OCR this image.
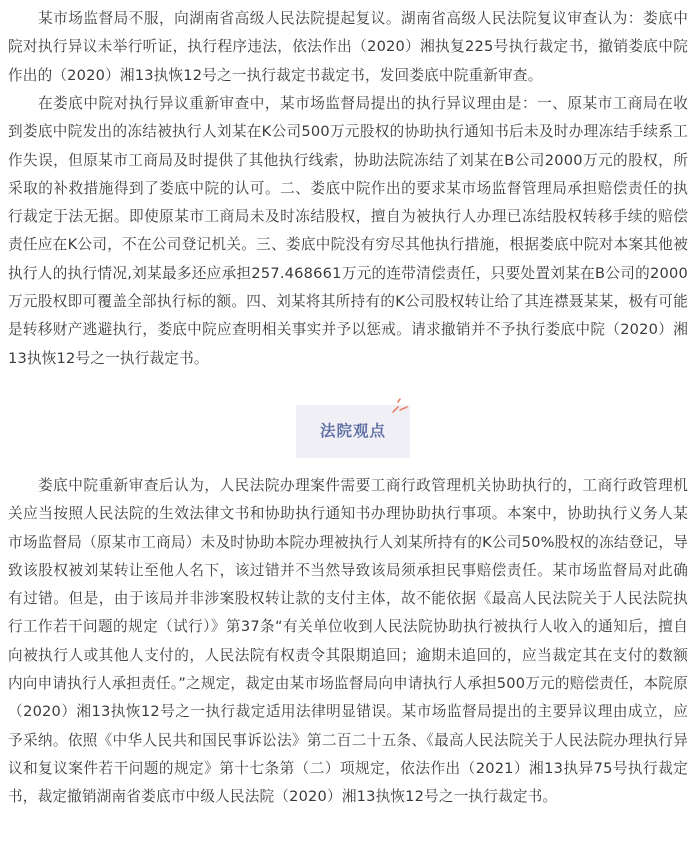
某市场监督局不服，向湖南省高级人民法院提起复议。湖南省高级人民法院复议审查认为：娄底中院对执行异议未举行听证，执行程序违法，依法作出（2020）湘执复225号执行裁定书，撤销娄底中院作出的（2020）湘13执恢12号之一执行裁定书裁定书，发回娄底中院重新审查。

在娄底中院对执行异议重新审查中，某市场监督局提出的执行异议理由是：一、原某市工商局在收到娄底中院发出的冻结被执行人刘某在K公司500万元股权的协助执行通知书后未及时办理冻结手续系工作失误，但原某市工商局及时提供了其他执行线索，协助法院冻结了刘某在B公司2000万元的股权，所采取的补救措施得到了娄底中院的认可。二、娄底中院作出的要求某市场监督管理局承担赔偿责任的执行裁定于法无据。即使原某市工商局未及时冻结股权，擅自为被执行人办理已冻结股权转移手续的赔偿责任应在K公司，不在公司登记机关。三、娄底中院没有穷尽其他执行措施，根据娄底中院对本案其他被执行人的执行情况,刘某最多还应承担257.468661万元的连带清偿责任，只要处置刘某在B公司的2000万元股权即可覆盖全部执行标的额。四、刘某将其所持有的K公司股权转让给了其连襟聂某某，极有可能是转移财产逃避执行，娄底中院应查明相关事实并予以惩戒。请求撤销并不予执行娄底中院（2020）湘13执恢12号之一执行裁定书。

法院观点

娄底中院重新审查后认为，人民法院办理案件需要工商行政管理机关协助执行的，工商行政管理机关应当按照人民法院的生效法律文书和协助执行通知书办理协助执行事项。本案中，协助执行义务人某市场监督局（原某市工商局）未及时协助本院办理被执行人刘某所持有的K公司50%股权的冻结登记，导致该股权被刘某转让至他人名下，该过错并不当然导致该局须承担民事赔偿责任。某市场监督局对此确有过错。但是，由于该局并非涉案股权转让款的支付主体，故不能依据《最高人民法院关于人民法院执行工作若干问题的规定（试行）》第37条“有关单位收到人民法院协助执行被执行人收入的通知后，擅自向被执行人或其他人支付的，人民法院有权责令其限期追回；逾期未追回的，应当裁定其在支付的数额内向申请执行人承担责任。”之规定，裁定由某市场监督局向申请执行人承担500万元的赔偿责任，本院原（2020）湘13执恢12号之一执行裁定适用法律明显错误。某市场监督局提出的主要异议理由成立，应予采纳。依照《中华人民共和国民事诉讼法》第二百二十五条、《最高人民法院关于人民法院办理执行异议和复议案件若干问题的规定》第十七条第（二）项规定，依法作出（2021）湘13执异75号执行裁定书，裁定撤销湖南省娄底市中级人民法院（2020）湘13执恢12号之一执行裁定书。
